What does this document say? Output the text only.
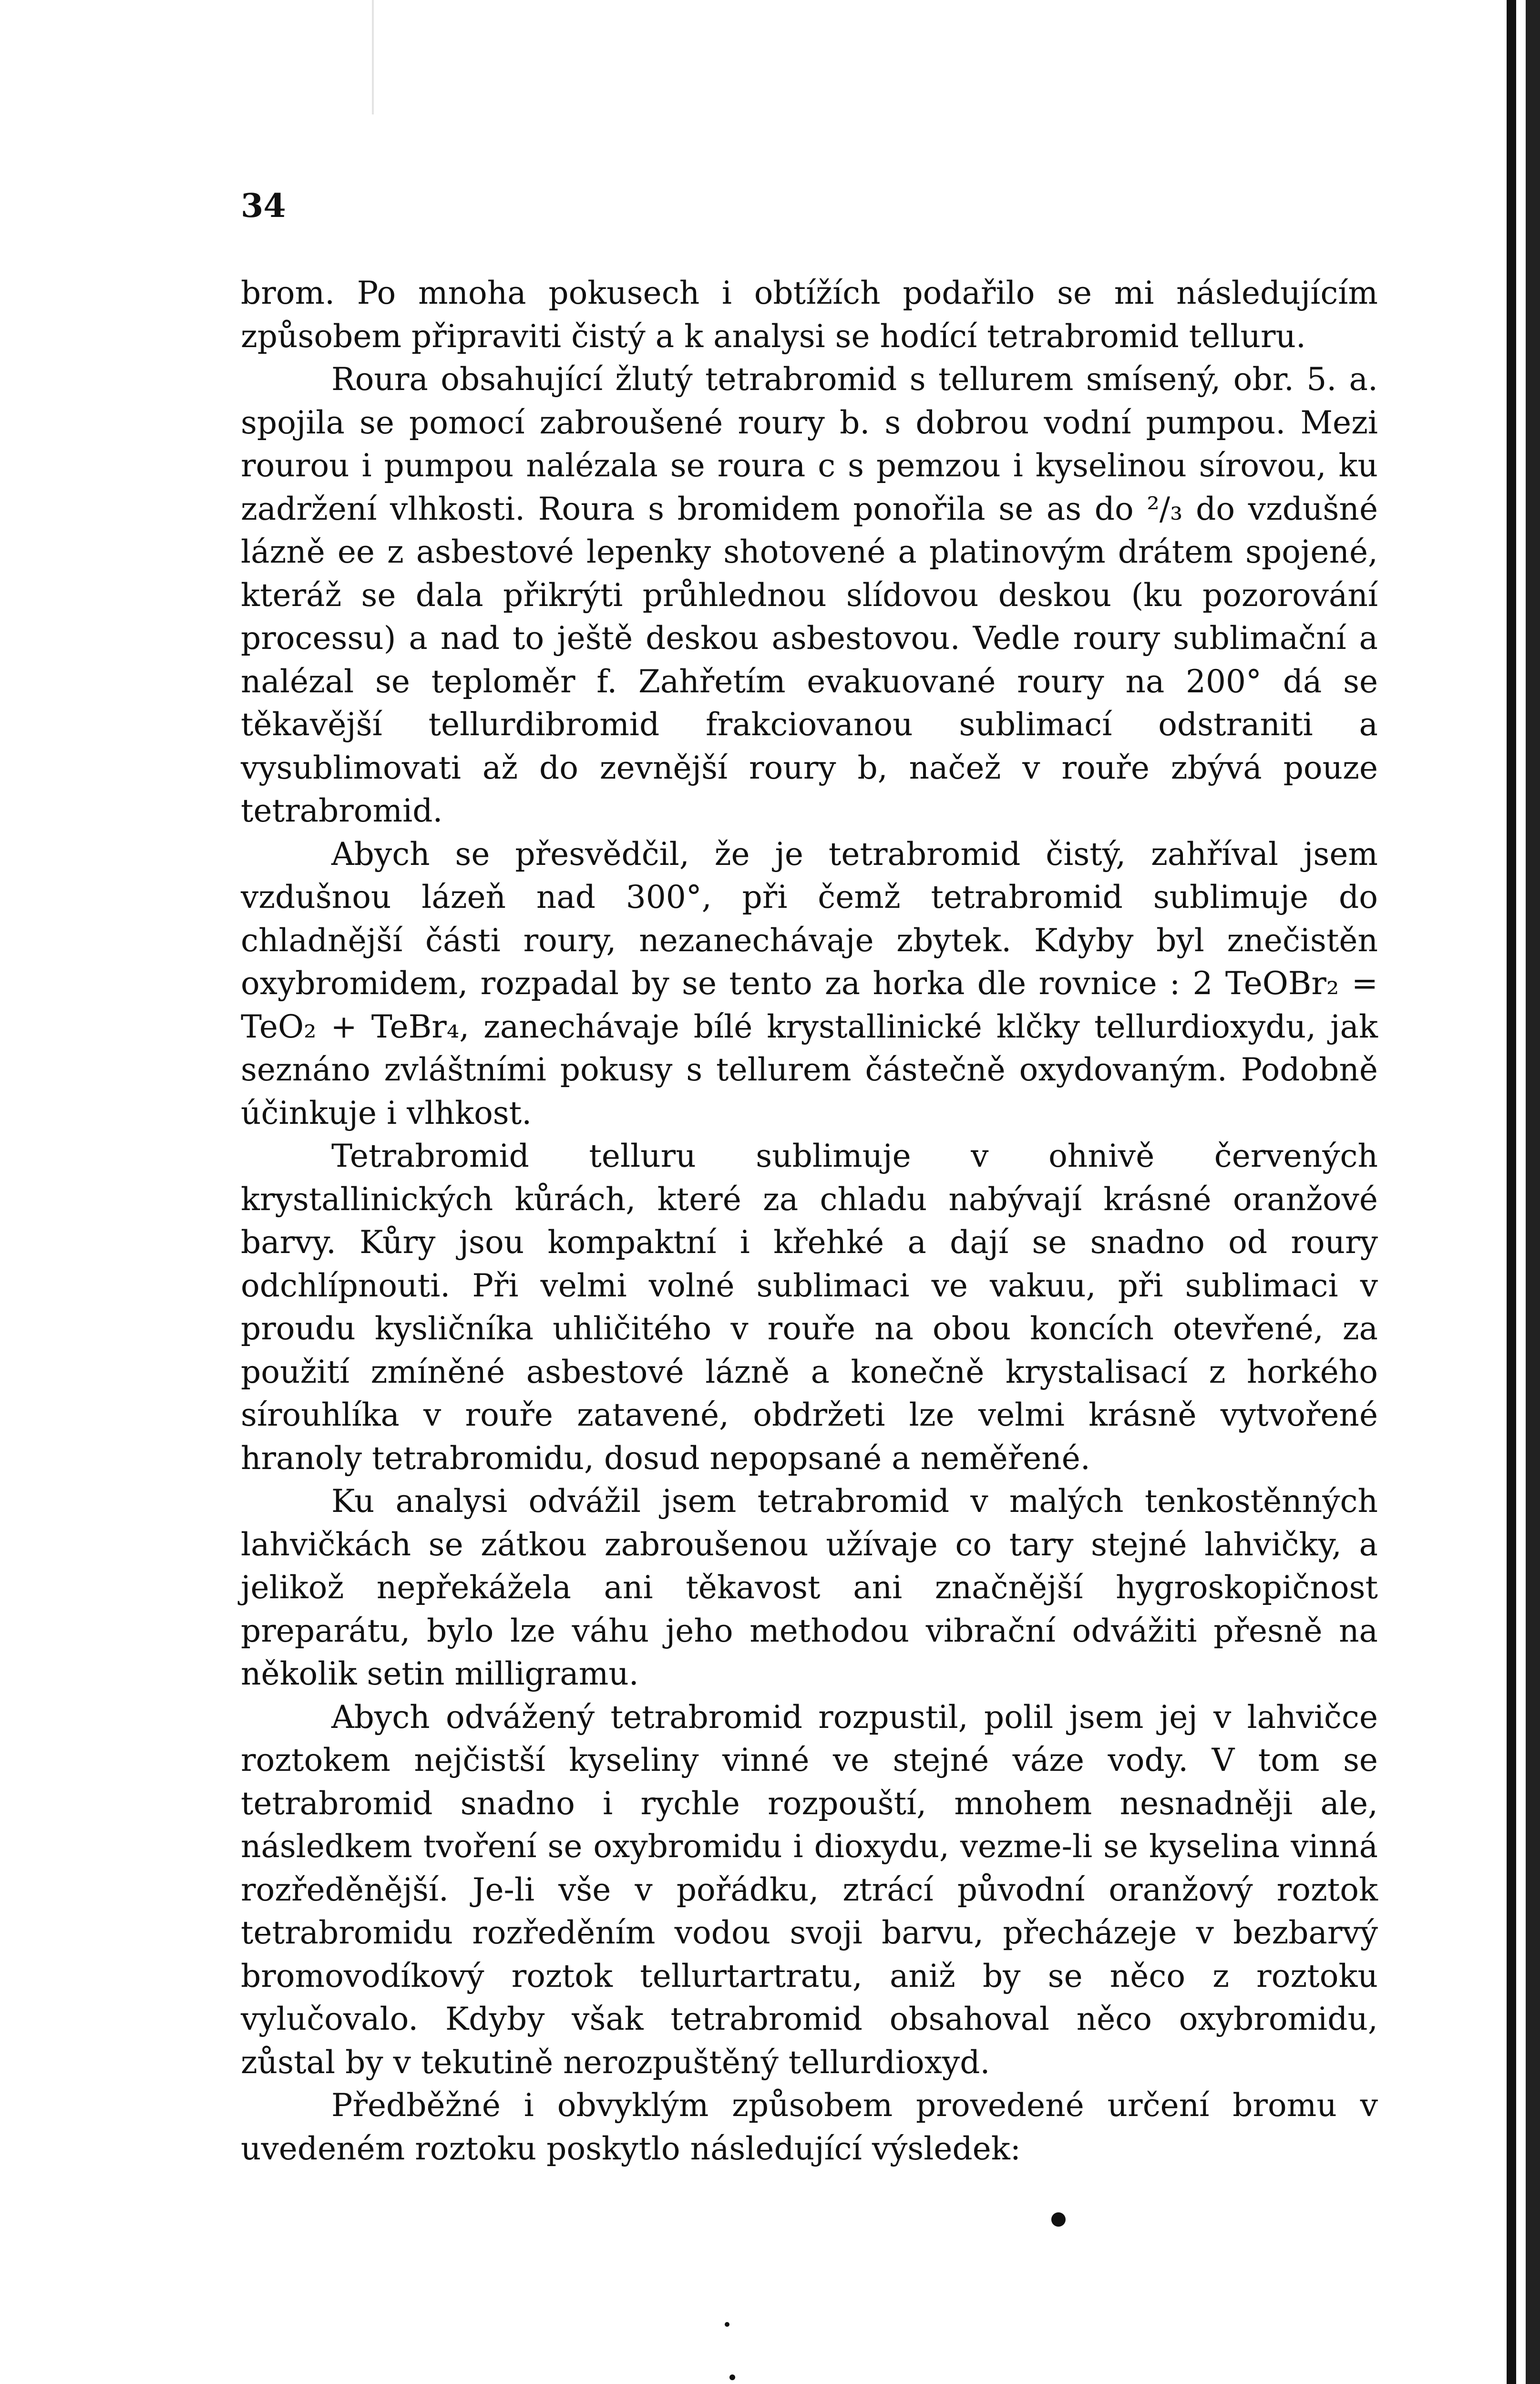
34

brom. Po mnoha pokusech i obtížích podařilo se mi následujícím způsobem připraviti čistý a k analysi se hodící tetrabromid telluru.

Roura obsahující žlutý tetrabromid s tellurem smísený, obr. 5. a. spojila se pomocí zabroušené roury b. s dobrou vodní pumpou. Mezi rourou i pumpou nalézala se roura c s pemzou i kyselinou sírovou, ku zadržení vlhkosti. Roura s bromidem ponořila se as do ²/₃ do vzdušné lázně ee z asbestové lepenky shotovené a platinovým drátem spojené, kteráž se dala přikrýti průhlednou slídovou deskou (ku pozorování processu) a nad to ještě deskou asbestovou. Vedle roury sublimační a nalézal se teploměr f. Zahřetím evakuované roury na 200° dá se těkavější tellurdibromid frakciovanou sublimací odstraniti a vysublimovati až do zevnější roury b, načež v rouře zbývá pouze tetrabromid.

Abych se přesvědčil, že je tetrabromid čistý, zahříval jsem vzdušnou lázeň nad 300°, při čemž tetrabromid sublimuje do chladnější části roury, nezanechávaje zbytek. Kdyby byl znečistěn oxybromidem, rozpadal by se tento za horka dle rovnice : 2 TeOBr₂ = TeO₂ + TeBr₄, zanechávaje bílé krystallinické klčky tellurdioxydu, jak seznáno zvláštními pokusy s tellurem částečně oxydovaným. Podobně účinkuje i vlhkost.

Tetrabromid telluru sublimuje v ohnivě červených krystallinických kůrách, které za chladu nabývají krásné oranžové barvy. Kůry jsou kompaktní i křehké a dají se snadno od roury odchlípnouti. Při velmi volné sublimaci ve vakuu, při sublimaci v proudu kysličníka uhličitého v rouře na obou koncích otevřené, za použití zmíněné asbestové lázně a konečně krystalisací z horkého sírouhlíka v rouře zatavené, obdržeti lze velmi krásně vytvořené hranoly tetrabromidu, dosud nepopsané a neměřené.

Ku analysi odvážil jsem tetrabromid v malých tenkostěnných lahvičkách se zátkou zabroušenou užívaje co tary stejné lahvičky, a jelikož nepřekážela ani těkavost ani značnější hygroskopičnost preparátu, bylo lze váhu jeho methodou vibrační odvážiti přesně na několik setin milligramu.

Abych odvážený tetrabromid rozpustil, polil jsem jej v lahvičce roztokem nejčistší kyseliny vinné ve stejné váze vody. V tom se tetrabromid snadno i rychle rozpouští, mnohem nesnadněji ale, následkem tvoření se oxybromidu i dioxydu, vezme-li se kyselina vinná rozředěnější. Je-li vše v pořádku, ztrácí původní oranžový roztok tetrabromidu rozředěním vodou svoji barvu, přecházeje v bezbarvý bromovodíkový roztok tellurtartratu, aniž by se něco z roztoku vylučovalo. Kdyby však tetrabromid obsahoval něco oxybromidu, zůstal by v tekutině nerozpuštěný tellurdioxyd.

Předběžné i obvyklým způsobem provedené určení bromu v uvedeném roztoku poskytlo následující výsledek:
